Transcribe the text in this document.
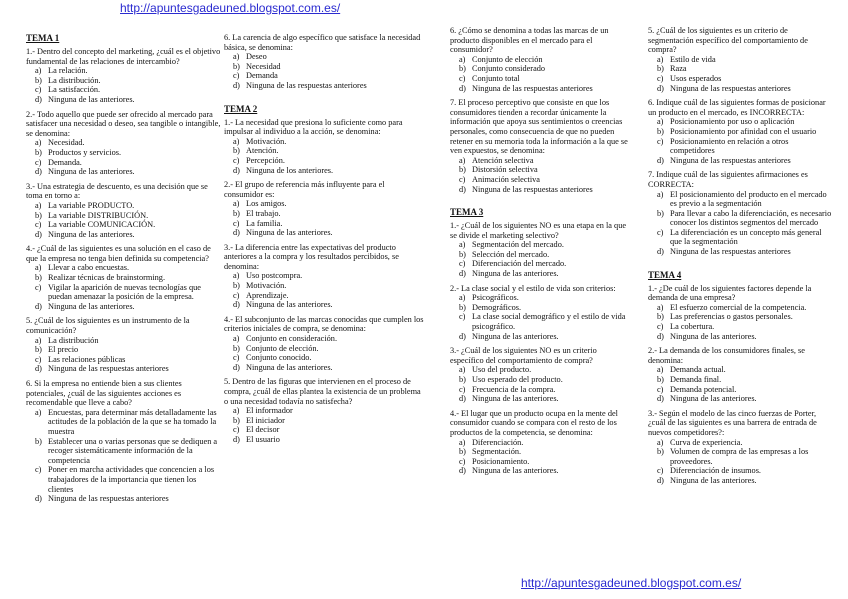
http://apuntesgadeuned.blogspot.com.es/
TEMA 1

1.- Dentro del concepto del marketing, ¿cuál es el objetivo fundamental de las relaciones de intercambio?

a) La relación.
b) La distribución.
c) La satisfacción.
d) Ninguna de las anteriores.

2.- Todo aquello que puede ser ofrecido al mercado para satisfacer una necesidad o deseo, sea tangible o intangible, se denomina:

a) Necesidad.
b) Productos y servicios.
c) Demanda.
d) Ninguna de las anteriores.

3.- Una estrategia de descuento, es una decisión que se toma en torno a:

a) La variable PRODUCTO.
b) La variable DISTRIBUCIÓN.
c) La variable COMUNICACIÓN.
d) Ninguna de las anteriores.

4.- ¿Cuál de las siguientes es una solución en el caso de que la empresa no tenga bien definida su competencia?

a) Llevar a cabo encuestas.
b) Realizar técnicas de brainstorming.
c) Vigilar la aparición de nuevas tecnologías que puedan amenazar la posición de la empresa.
d) Ninguna de las anteriores.

5. ¿Cuál de los siguientes es un instrumento de la comunicación?

a) La distribución
b) El precio
c) Las relaciones públicas
d) Ninguna de las respuestas anteriores

6. Si la empresa no entiende bien a sus clientes potenciales, ¿cuál de las siguientes acciones es recomendable que lleve a cabo?

a) Encuestas, para determinar más detalladamente las actitudes de la población de la que se ha tomado la muestra
b) Establecer una o varias personas que se dediquen a recoger sistemáticamente información de la competencia
c) Poner en marcha actividades que concencien a los trabajadores de la importancia que tienen los clientes
d) Ninguna de las respuestas anteriores

6. La carencia de algo específico que satisface la necesidad básica, se denomina:

a) Deseo
b) Necesidad
c) Demanda
d) Ninguna de las respuestas anteriores
TEMA 2

1.- La necesidad que presiona lo suficiente como para impulsar al individuo a la acción, se denomina:

a) Motivación.
b) Atención.
c) Percepción.
d) Ninguna de los anteriores.

2.- El grupo de referencia más influyente para el consumidor es:

a) Los amigos.
b) El trabajo.
c) La familia.
d) Ninguna de las anteriores.

3.- La diferencia entre las expectativas del producto anteriores a la compra y los resultados percibidos, se denomina:

a) Uso postcompra.
b) Motivación.
c) Aprendizaje.
d) Ninguna de las anteriores.

4.- El subconjunto de las marcas conocidas que cumplen los criterios iniciales de compra, se denomina:

a) Conjunto en consideración.
b) Conjunto de elección.
c) Conjunto conocido.
d) Ninguna de las anteriores.

5. Dentro de las figuras que intervienen en el proceso de compra, ¿cuál de ellas plantea la existencia de un problema o una necesidad todavía no satisfecha?

a) El informador
b) El iniciador
c) El decisor
d) El usuario

6. ¿Cómo se denomina a todas las marcas de un producto disponibles en el mercado para el consumidor?

a) Conjunto de elección
b) Conjunto considerado
c) Conjunto total
d) Ninguna de las respuestas anteriores

7. El proceso perceptivo que consiste en que los consumidores tienden a recordar únicamente la información que apoya sus sentimientos o creencias personales, como consecuencia de que no pueden retener en su memoria toda la información a la que se ven expuestos, se denomina:

a) Atención selectiva
b) Distorsión selectiva
c) Animación selectiva
d) Ninguna de las respuestas anteriores
TEMA 3

1.- ¿Cuál de los siguientes NO es una etapa en la que se divide el marketing selectivo?

a) Segmentación del mercado.
b) Selección del mercado.
c) Diferenciación del mercado.
d) Ninguna de las anteriores.

2.- La clase social y el estilo de vida son criterios:

a) Psicográficos.
b) Demográficos.
c) La clase social demográfico y el estilo de vida psicográfico.
d) Ninguna de las anteriores.

3.- ¿Cuál de los siguientes NO es un criterio específico del comportamiento de compra?

a) Uso del producto.
b) Uso esperado del producto.
c) Frecuencia de la compra.
d) Ninguna de las anteriores.

4.- El lugar que un producto ocupa en la mente del consumidor cuando se compara con el resto de los productos de la competencia, se denomina:

a) Diferenciación.
b) Segmentación.
c) Posicionamiento.
d) Ninguna de las anteriores.

5. ¿Cuál de los siguientes es un criterio de segmentación específico del comportamiento de compra?

a) Estilo de vida
b) Raza
c) Usos esperados
d) Ninguna de las respuestas anteriores

6. Indique cuál de las siguientes formas de posicionar un producto en el mercado, es INCORRECTA:

a) Posicionamiento por uso o aplicación
b) Posicionamiento por afinidad con el usuario
c) Posicionamiento en relación a otros competidores
d) Ninguna de las respuestas anteriores

7. Indique cuál de las siguientes afirmaciones es CORRECTA:

a) El posicionamiento del producto en el mercado es previo a la segmentación
b) Para llevar a cabo la diferenciación, es necesario conocer los distintos segmentos del mercado
c) La diferenciación es un concepto más general que la segmentación
d) Ninguna de las respuestas anteriores
TEMA 4

1.- ¿De cuál de los siguientes factores depende la demanda de una empresa?

a) El esfuerzo comercial de la competencia.
b) Las preferencias o gastos personales.
c) La cobertura.
d) Ninguna de las anteriores.

2.- La demanda de los consumidores finales, se denomina:

a) Demanda actual.
b) Demanda final.
c) Demanda potencial.
d) Ninguna de las anteriores.

3.- Según el modelo de las cinco fuerzas de Porter, ¿cuál de las siguientes es una barrera de entrada de nuevos competidores?:

a) Curva de experiencia.
b) Volumen de compra de las empresas a los proveedores.
c) Diferenciación de insumos.
d) Ninguna de las anteriores.
http://apuntesgadeuned.blogspot.com.es/
